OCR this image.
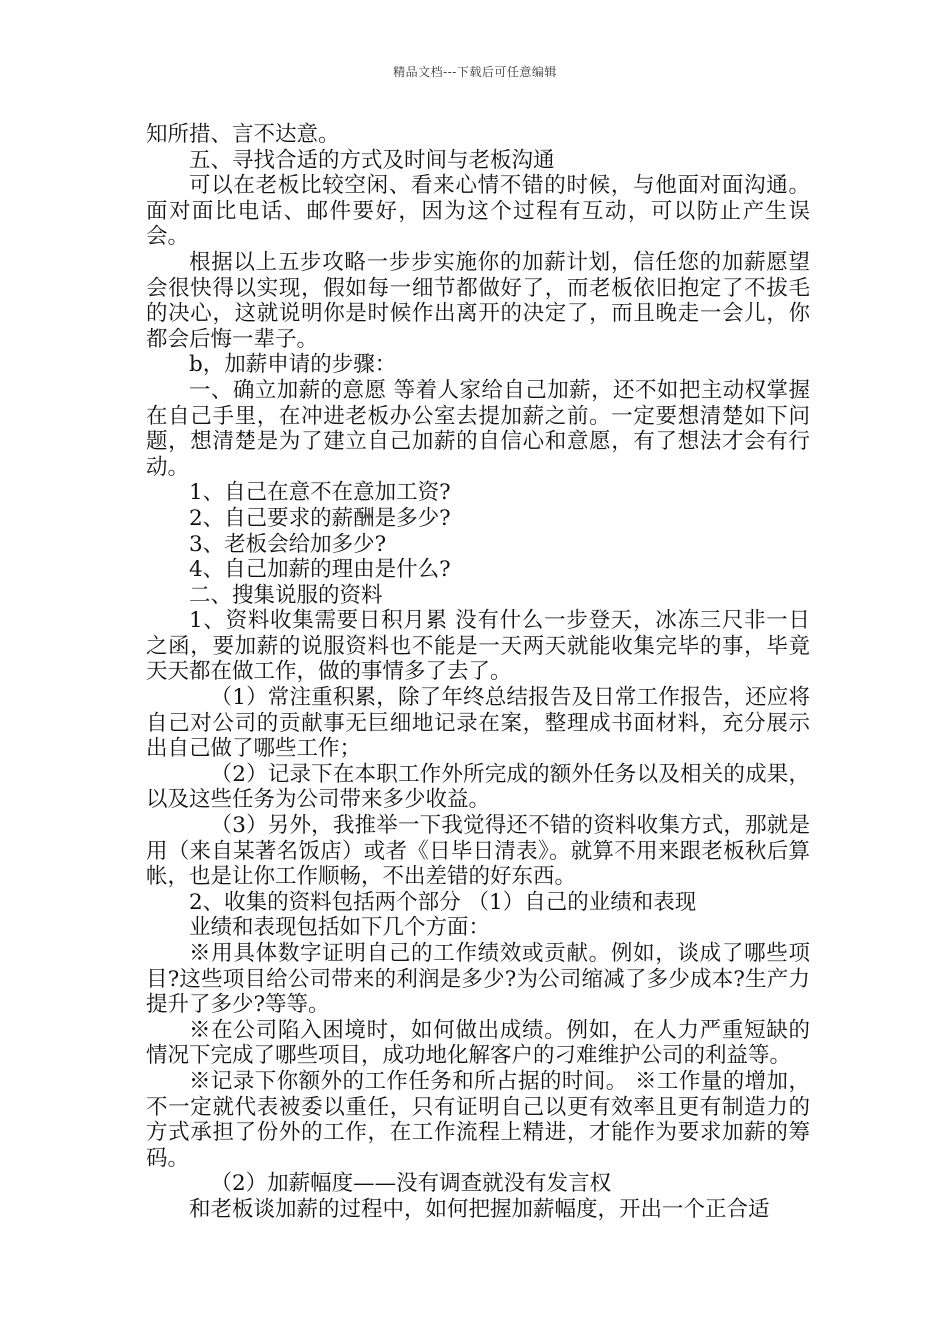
精品文档---下载后可任意编辑

知所措、言不达意。

五、寻找合适的方式及时间与老板沟通

可以在老板比较空闲、看来心情不错的时候，与他面对面沟通。面对面比电话、邮件要好，因为这个过程有互动，可以防止产生误会。

根据以上五步攻略一步步实施你的加薪计划，信任您的加薪愿望会很快得以实现，假如每一细节都做好了，而老板依旧抱定了不拔毛的决心，这就说明你是时候作出离开的决定了，而且晚走一会儿，你都会后悔一辈子。

b，加薪申请的步骤：

一、确立加薪的意愿 等着人家给自己加薪，还不如把主动权掌握在自己手里，在冲进老板办公室去提加薪之前。一定要想清楚如下问题，想清楚是为了建立自己加薪的自信心和意愿，有了想法才会有行动。

1、自己在意不在意加工资?

2、自己要求的薪酬是多少?

3、老板会给加多少?

4、自己加薪的理由是什么?

二、搜集说服的资料

1、资料收集需要日积月累 没有什么一步登天，冰冻三尺非一日之函，要加薪的说服资料也不能是一天两天就能收集完毕的事，毕竟天天都在做工作，做的事情多了去了。

（1）常注重积累，除了年终总结报告及日常工作报告，还应将自己对公司的贡献事无巨细地记录在案，整理成书面材料，充分展示出自己做了哪些工作；

（2）记录下在本职工作外所完成的额外任务以及相关的成果，以及这些任务为公司带来多少收益。

（3）另外，我推举一下我觉得还不错的资料收集方式，那就是用（来自某著名饭店）或者《日毕日清表》。就算不用来跟老板秋后算帐，也是让你工作顺畅，不出差错的好东西。

2、收集的资料包括两个部分 （1）自己的业绩和表现

业绩和表现包括如下几个方面：

※用具体数字证明自己的工作绩效或贡献。例如，谈成了哪些项目?这些项目给公司带来的利润是多少?为公司缩减了多少成本?生产力提升了多少?等等。

※在公司陷入困境时，如何做出成绩。例如，在人力严重短缺的情况下完成了哪些项目，成功地化解客户的刁难维护公司的利益等。

※记录下你额外的工作任务和所占据的时间。 ※工作量的增加，不一定就代表被委以重任，只有证明自己以更有效率且更有制造力的方式承担了份外的工作，在工作流程上精进，才能作为要求加薪的筹码。

（2）加薪幅度——没有调查就没有发言权

和老板谈加薪的过程中，如何把握加薪幅度，开出一个正合适
